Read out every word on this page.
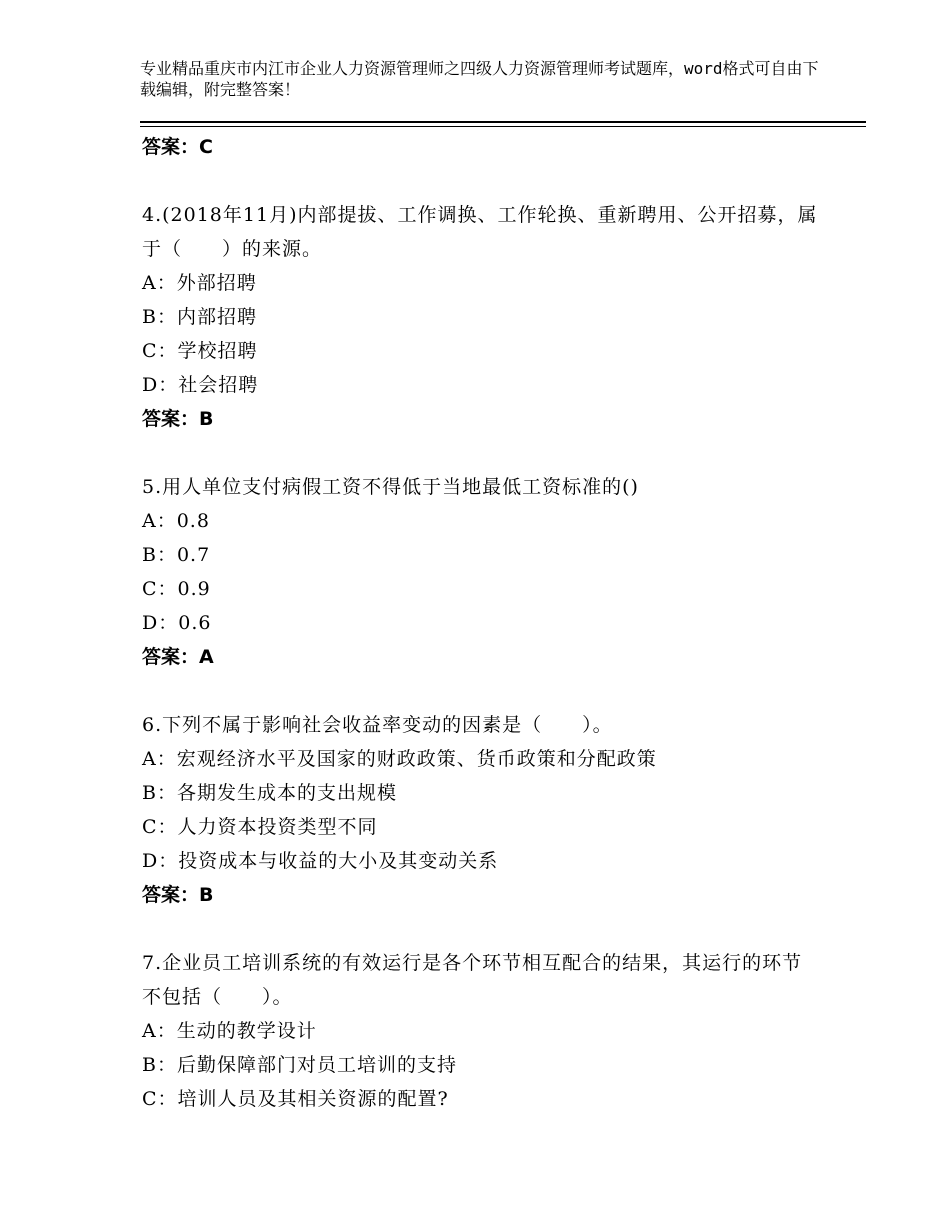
专业精品重庆市内江市企业人力资源管理师之四级人力资源管理师考试题库，word格式可自由下载编辑，附完整答案！
答案：C
4.(2018年11月)内部提拔、工作调换、工作轮换、重新聘用、公开招募，属于（　　）的来源。
A：外部招聘
B：内部招聘
C：学校招聘
D：社会招聘
答案：B
5.用人单位支付病假工资不得低于当地最低工资标准的()
A：0.8
B：0.7
C：0.9
D：0.6
答案：A
6.下列不属于影响社会收益率变动的因素是（　　）。
A：宏观经济水平及国家的财政政策、货币政策和分配政策
B：各期发生成本的支出规模
C：人力资本投资类型不同
D：投资成本与收益的大小及其变动关系
答案：B
7.企业员工培训系统的有效运行是各个环节相互配合的结果，其运行的环节不包括（　　）。
A：生动的教学设计
B：后勤保障部门对员工培训的支持
C：培训人员及其相关资源的配置?
